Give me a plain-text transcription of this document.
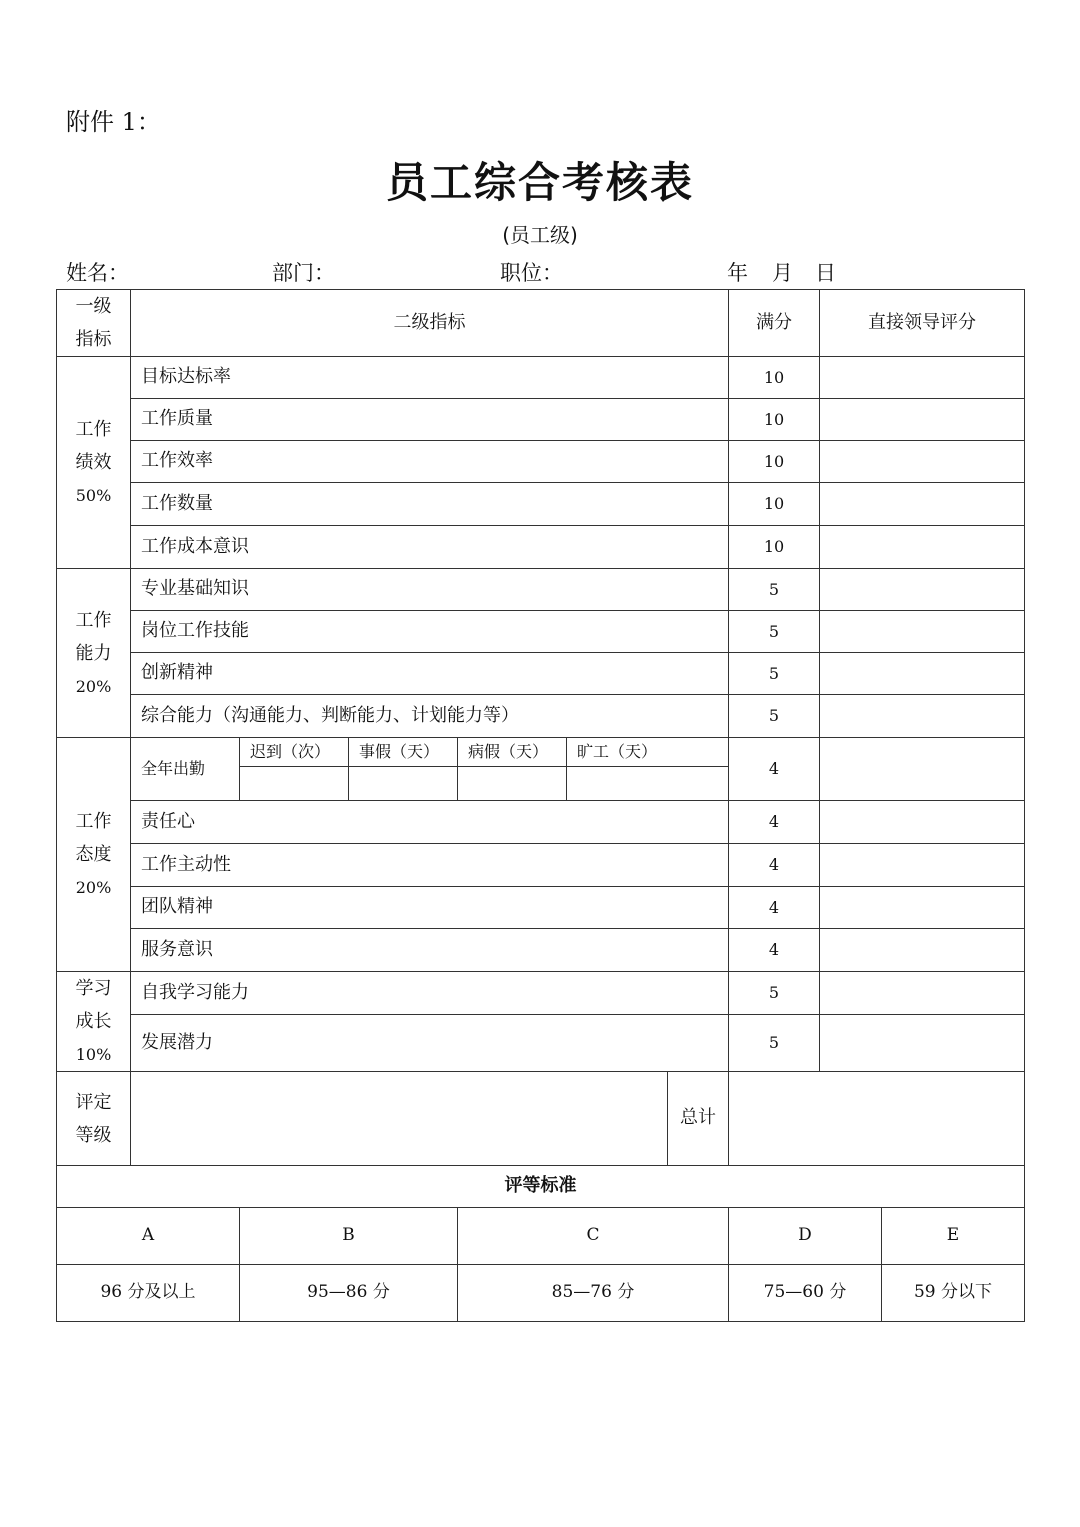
附件 1：
员工综合考核表
(员工级)
姓名：	部门：	职位：	年 月 日
一级
指标	二级指标						满分	直接领导评分	

工作
绩效
50%	目标达标率						10		
	工作质量						10		
	工作效率						10		
	工作数量						10		
	工作成本意识						10		

工作
能力
20%	专业基础知识						5		
	岗位工作技能						5		
	创新精神						5		
	综合能力（沟通能力、判断能力、计划能力等）						5		

工作
态度
20%	全年出勤	迟到（次）	事假（天）	病假（天）	旷工（天）		4		

	责任心						4		
	工作主动性						4		
	团队精神						4		
	服务意识						4		

学习
成长
10%	自我学习能力						5		
	发展潜力						5		

评定
等级						总计			
评等标准									
A		B		C			D		E
96 分及以上		95—86 分		85—76 分			75—60 分		59 分以下
